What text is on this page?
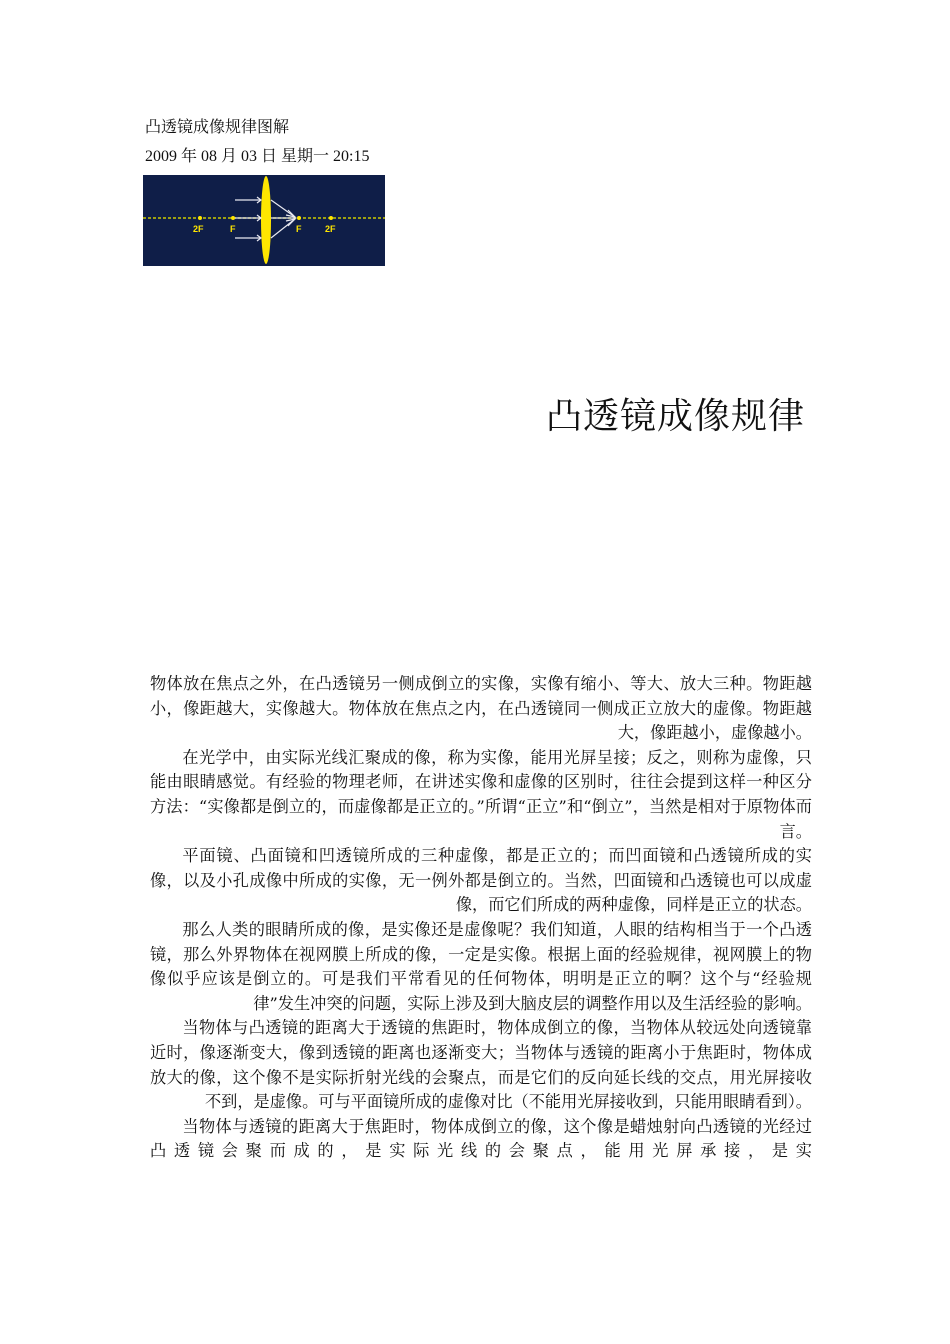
凸透镜成像规律图解
2009 年 08 月 03 日 星期一 20:15
2F	F	F	2F
凸透镜成像规律

物体放在焦点之外，在凸透镜另一侧成倒立的实像，实像有缩小、等大、放大三种。物距越小，像距越大，实像越大。物体放在焦点之内，在凸透镜同一侧成正立放大的虚像。物距越大，像距越小，虚像越小。

在光学中，由实际光线汇聚成的像，称为实像，能用光屏呈接；反之，则称为虚像，只能由眼睛感觉。有经验的物理老师，在讲述实像和虚像的区别时，往往会提到这样一种区分方法：“实像都是倒立的，而虚像都是正立的。”所谓“正立”和“倒立”，当然是相对于原物体而言。

平面镜、凸面镜和凹透镜所成的三种虚像，都是正立的；而凹面镜和凸透镜所成的实像，以及小孔成像中所成的实像，无一例外都是倒立的。当然，凹面镜和凸透镜也可以成虚像，而它们所成的两种虚像，同样是正立的状态。

那么人类的眼睛所成的像，是实像还是虚像呢？我们知道，人眼的结构相当于一个凸透镜，那么外界物体在视网膜上所成的像，一定是实像。根据上面的经验规律，视网膜上的物像似乎应该是倒立的。可是我们平常看见的任何物体，明明是正立的啊？这个与“经验规律”发生冲突的问题，实际上涉及到大脑皮层的调整作用以及生活经验的影响。

当物体与凸透镜的距离大于透镜的焦距时，物体成倒立的像，当物体从较远处向透镜靠近时，像逐渐变大，像到透镜的距离也逐渐变大；当物体与透镜的距离小于焦距时，物体成放大的像，这个像不是实际折射光线的会聚点，而是它们的反向延长线的交点，用光屏接收不到，是虚像。可与平面镜所成的虚像对比（不能用光屏接收到，只能用眼睛看到）。

当物体与透镜的距离大于焦距时，物体成倒立的像，这个像是蜡烛射向凸透镜的光经过凸透镜会聚而成的，是实际光线的会聚点，能用光屏承接，是实
